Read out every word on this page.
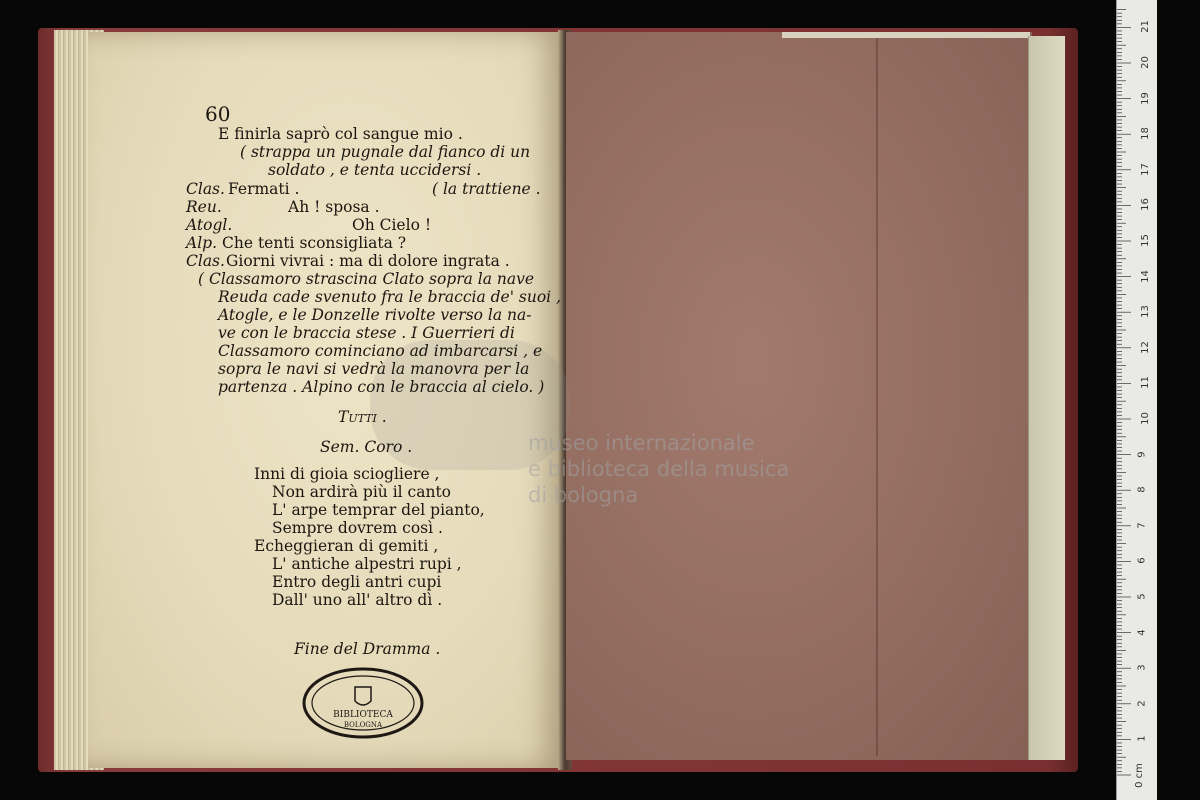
60
E finirla saprò col sangue mio .
( strappa un pugnale dal fianco di un
soldato , e tenta uccidersi .
Clas. Fermati .	( la trattiene .
Reu.	Ah ! sposa .
Atogl.	Oh Cielo !
Alp. Che tenti sconsigliata ?
Clas. Giorni vivrai : ma di dolore ingrata .
( Classamoro strascina Clato sopra la nave
Reuda cade svenuto fra le braccia de' suoi ,
Atogle, e le Donzelle rivolte verso la na-
ve con le braccia stese . I Guerrieri di
Classamoro cominciano ad imbarcarsi , e
sopra le navi si vedrà la manovra per la
partenza . Alpino con le braccia al cielo. )
Tutti .
Sem. Coro .
Inni di gioia sciogliere ,
Non ardirà più il canto
L' arpe temprar del pianto,
Sempre dovrem così .
Echeggieran di gemiti ,
L' antiche alpestri rupi ,
Entro degli antri cupi
Dall' uno all' altro dì .
Fine del Dramma .
BIBLIOTECA
BOLOGNA
museo internazionale
e biblioteca della musica
di bologna
0 cm
1
2
3
4
5
6
7
8
9
10
11
12
13
14
15
16
17
18
19
20
21
